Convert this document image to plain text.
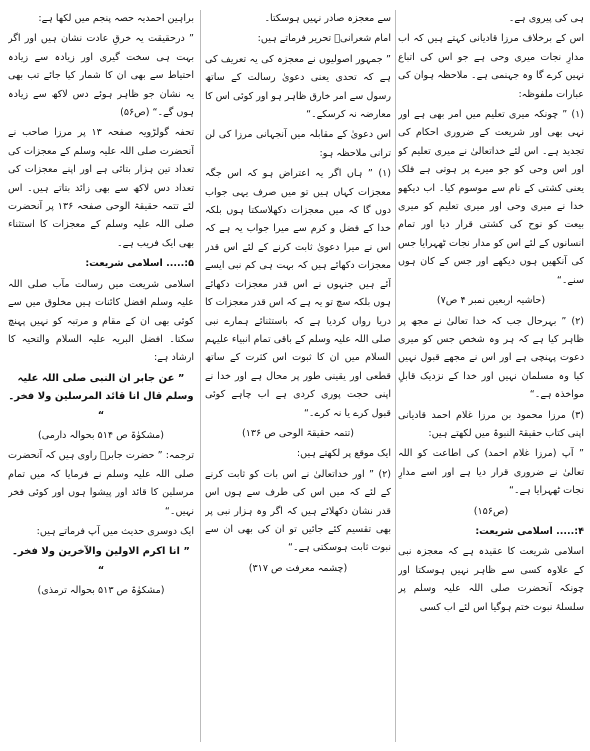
ہی کی پیروی ہے۔

اس کے برخلاف مرزا قادیانی کہتے ہیں کہ اب مدارِ نجات میری وحی ہے جو اس کی اتباع نہیں کرے گا وہ جہنمی ہے۔ ملاحظہ ہوان کی عبارات ملفوظہ:

(۱) ” چونکہ میری تعلیم میں امر بھی ہے اور نہی بھی اور شریعت کے ضروری احکام کی تجدید ہے۔ اس لئے خداتعالیٰ نے میری تعلیم کو اور اس وحی کو جو میرے پر ہوتی ہے فلک یعنی کشتی کے نام سے موسوم کیا۔ اب دیکھو خدا نے میری وحی اور میری تعلیم کو میری بیعت کو نوح کی کشتی قرار دیا اور تمام انسانوں کے لئے اس کو مدار نجات ٹھہرایا جس کی آنکھیں ہوں دیکھے اور جس کے کان ہوں سنے۔“

(حاشیہ اربعین نمبر ۴ ص۷)

(۲) ” بہرحال جب کہ خدا تعالیٰ نے مجھ پر ظاہر کیا ہے کہ ہر وہ شخص جس کو میری دعوت پہنچی ہے اور اس نے مجھے قبول نہیں کیا وہ مسلمان نہیں اور خدا کے نزدیک قابلِ مواخذہ ہے۔“

(۳) مرزا محمود بن مرزا غلام احمد قادیانی اپنی کتاب حقیقۃ النبوۃ میں لکھتے ہیں:

” آپ (مرزا غلام احمد) کی اطاعت کو اللہ تعالیٰ نے ضروری قرار دیا ہے اور اسے مدارِ نجات ٹھہرایا ہے۔“

(ص۱۵۶)

۴:..... اسلامی شریعت:

اسلامی شریعت کا عقیدہ ہے کہ معجزہ نبی کے علاوہ کسی سے ظاہر نہیں ہوسکتا اور چونکہ آنحضرت صلی اللہ علیہ وسلم پر سلسلۂ نبوت ختم ہوگیا اس لئے اب کسی

سے معجزہ صادر نہیں ہوسکتا۔

امام شعرانیؒ تحریر فرماتے ہیں:

” جمہور اصولیوں نے معجزہ کی یہ تعریف کی ہے کہ تحدی یعنی دعویٰ رسالت کے ساتھ رسول سے امر خارق ظاہر ہو اور کوئی اس کا معارضہ نہ کرسکے۔“

اس دعویٰ کے مقابلہ میں آنجہانی مرزا کی لن ترانی ملاحظہ ہو:

(۱) ” ہاں اگر یہ اعتراض ہو کہ اس جگہ معجزات کہاں ہیں تو میں صرف یہی جواب دوں گا کہ میں معجزات دکھلاسکتا ہوں بلکہ خدا کے فضل و کرم سے میرا جواب یہ ہے کہ اس نے میرا دعویٰ ثابت کرنے کے لئے اس قدر معجزات دکھائے ہیں کہ بہت ہی کم نبی ایسے آئے ہیں جنہوں نے اس قدر معجزات دکھائے ہوں بلکہ سچ تو یہ ہے کہ اس قدر معجزات کا دریا رواں کردیا ہے کہ باستثنائے ہمارے نبی صلی اللہ علیہ وسلم کے باقی تمام انبیاء علیہم السلام میں ان کا ثبوت اس کثرت کے ساتھ قطعی اور یقینی طور پر محال ہے اور خدا نے اپنی حجت پوری کردی ہے اب چاہے کوئی قبول کرے یا نہ کرے۔“

(تتمہ حقیقۃ الوحی ص ۱۳۶)

ایک موقع پر لکھتے ہیں:

(۲) ” اور خداتعالیٰ نے اس بات کو ثابت کرنے کے لئے کہ میں اس کی طرف سے ہوں اس قدر نشان دکھلائے ہیں کہ اگر وہ ہزار نبی پر بھی تقسیم کئے جائیں تو ان کی بھی ان سے نبوت ثابت ہوسکتی ہے۔“

(چشمہ معرفت ص ۳۱۷)

براہین احمدیہ حصہ پنجم میں لکھا ہے:

” درحقیقت یہ خرقِ عادت نشان ہیں اور اگر بہت ہی سخت گیری اور زیادہ سے زیادہ احتیاط سے بھی ان کا شمار کیا جائے تب بھی یہ نشان جو ظاہر ہوئے دس لاکھ سے زیادہ ہوں گے۔“ (ص۵۶)

تحفہ گولڑویہ صفحہ ۱۳ پر مرزا صاحب نے آنحضرت صلی اللہ علیہ وسلم کے معجزات کی تعداد تین ہزار بتائی ہے اور اپنے معجزات کی تعداد دس لاکھ سے بھی زائد بتاتے ہیں۔ اس لئے تتمہ حقیقۃ الوحی صفحہ ۱۳۶ پر آنحضرت صلی اللہ علیہ وسلم کے معجزات کا استثناء بھی ایک فریب ہے۔

۵:..... اسلامی شریعت:

اسلامی شریعت میں رسالت مآب صلی اللہ علیہ وسلم افضل کائنات ہیں مخلوق میں سے کوئی بھی ان کے مقام و مرتبہ کو نہیں پہنچ سکتا۔ افضل البریہ علیہ السلام والتحیہ کا ارشاد ہے:

” عن جابر ان النبی صلی اللہ علیہ وسلم قال انا قائد المرسلین ولا فخر۔ “

(مشکوٰۃ ص ۵۱۴ بحوالہ دارمی)

ترجمہ: ” حضرت جابرؓ راوی ہیں کہ آنحضرت صلی اللہ علیہ وسلم نے فرمایا کہ میں تمام مرسلین کا قائد اور پیشوا ہوں اور کوئی فخر نہیں۔“

ایک دوسری حدیث میں آپ فرماتے ہیں:

” انا اکرم الاولین والآخرین ولا فخر۔ “

(مشکوٰۃ ص ۵۱۳ بحوالہ ترمذی)
